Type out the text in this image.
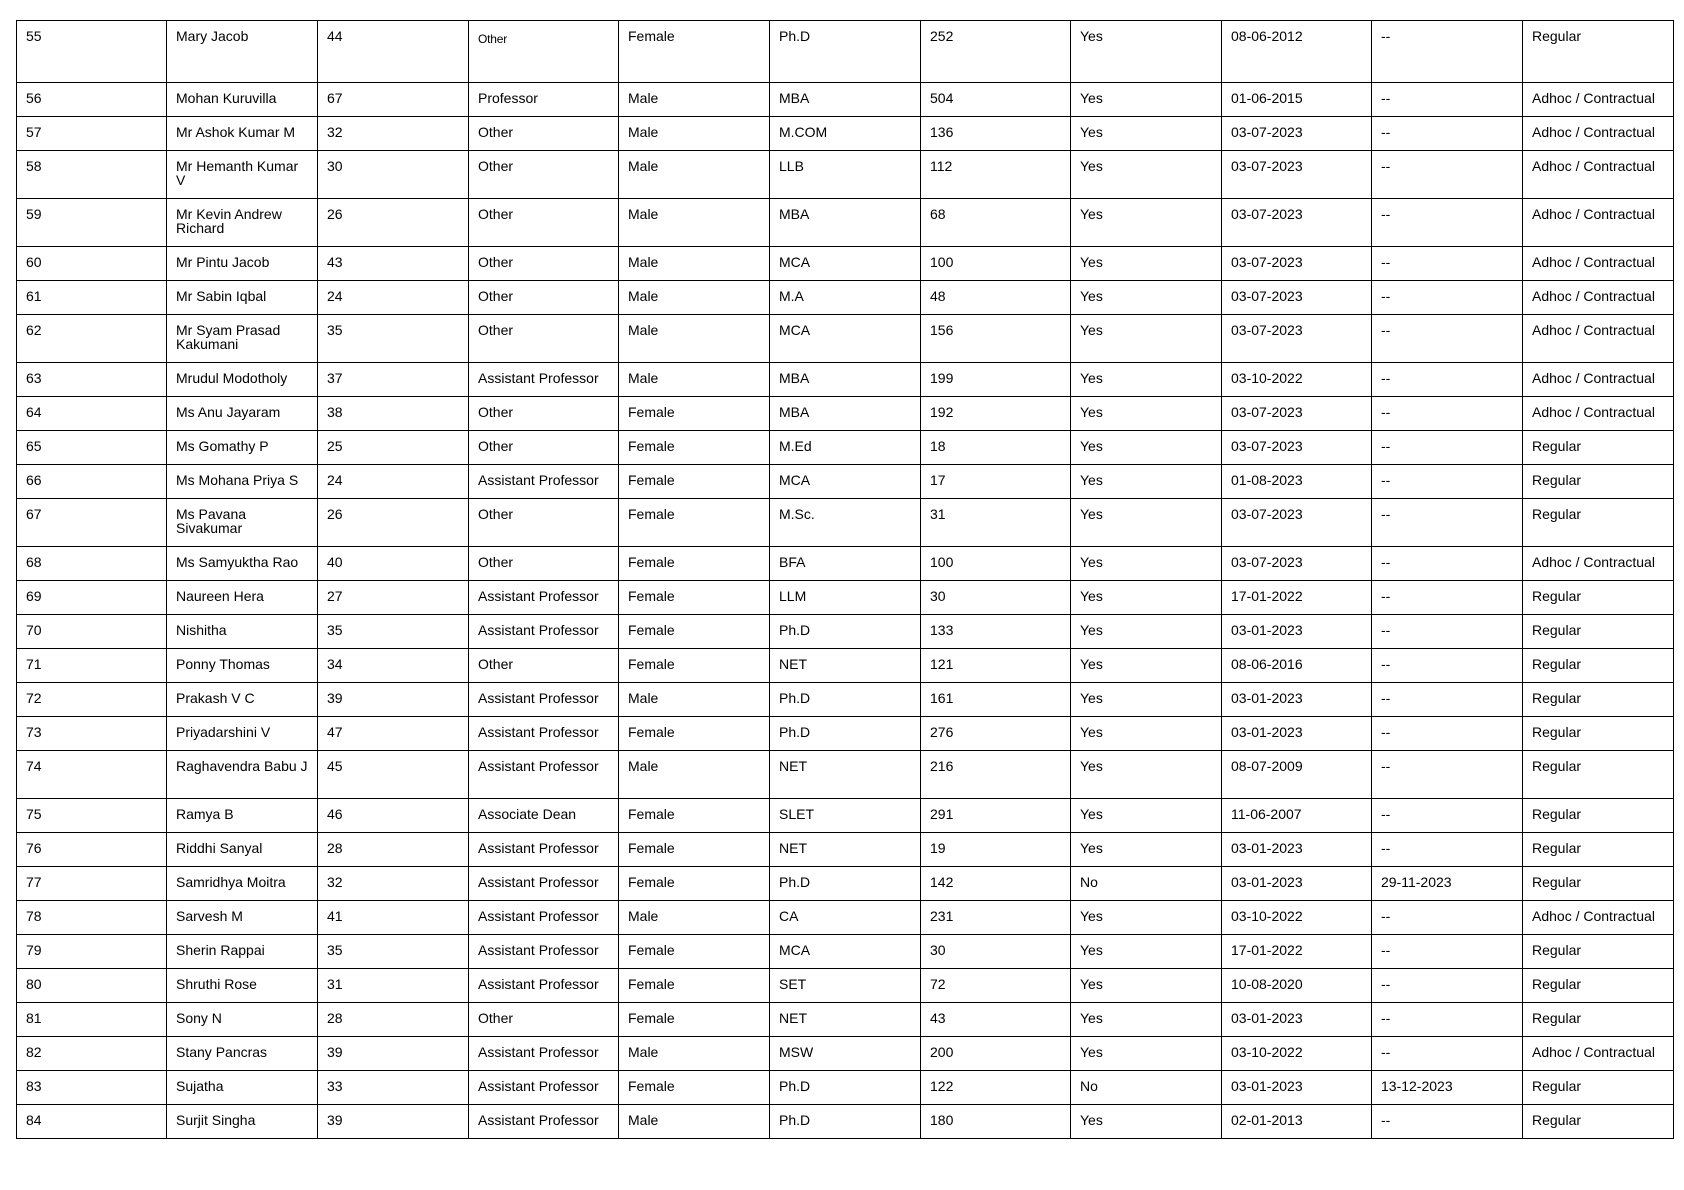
55	Mary Jacob	44	Other	Female	Ph.D	252	Yes	08-06-2012	--	Regular
56	Mohan Kuruvilla	67	Professor	Male	MBA	504	Yes	01-06-2015	--	Adhoc / Contractual
57	Mr Ashok Kumar M	32	Other	Male	M.COM	136	Yes	03-07-2023	--	Adhoc / Contractual
58	Mr Hemanth Kumar V	30	Other	Male	LLB	112	Yes	03-07-2023	--	Adhoc / Contractual
59	Mr Kevin Andrew Richard	26	Other	Male	MBA	68	Yes	03-07-2023	--	Adhoc / Contractual
60	Mr Pintu Jacob	43	Other	Male	MCA	100	Yes	03-07-2023	--	Adhoc / Contractual
61	Mr Sabin Iqbal	24	Other	Male	M.A	48	Yes	03-07-2023	--	Adhoc / Contractual
62	Mr Syam Prasad Kakumani	35	Other	Male	MCA	156	Yes	03-07-2023	--	Adhoc / Contractual
63	Mrudul Modotholy	37	Assistant Professor	Male	MBA	199	Yes	03-10-2022	--	Adhoc / Contractual
64	Ms Anu Jayaram	38	Other	Female	MBA	192	Yes	03-07-2023	--	Adhoc / Contractual
65	Ms Gomathy P	25	Other	Female	M.Ed	18	Yes	03-07-2023	--	Regular
66	Ms Mohana Priya S	24	Assistant Professor	Female	MCA	17	Yes	01-08-2023	--	Regular
67	Ms Pavana Sivakumar	26	Other	Female	M.Sc.	31	Yes	03-07-2023	--	Regular
68	Ms Samyuktha Rao	40	Other	Female	BFA	100	Yes	03-07-2023	--	Adhoc / Contractual
69	Naureen Hera	27	Assistant Professor	Female	LLM	30	Yes	17-01-2022	--	Regular
70	Nishitha	35	Assistant Professor	Female	Ph.D	133	Yes	03-01-2023	--	Regular
71	Ponny Thomas	34	Other	Female	NET	121	Yes	08-06-2016	--	Regular
72	Prakash V C	39	Assistant Professor	Male	Ph.D	161	Yes	03-01-2023	--	Regular
73	Priyadarshini V	47	Assistant Professor	Female	Ph.D	276	Yes	03-01-2023	--	Regular
74	Raghavendra Babu J	45	Assistant Professor	Male	NET	216	Yes	08-07-2009	--	Regular
75	Ramya B	46	Associate Dean	Female	SLET	291	Yes	11-06-2007	--	Regular
76	Riddhi Sanyal	28	Assistant Professor	Female	NET	19	Yes	03-01-2023	--	Regular
77	Samridhya Moitra	32	Assistant Professor	Female	Ph.D	142	No	03-01-2023	29-11-2023	Regular
78	Sarvesh M	41	Assistant Professor	Male	CA	231	Yes	03-10-2022	--	Adhoc / Contractual
79	Sherin Rappai	35	Assistant Professor	Female	MCA	30	Yes	17-01-2022	--	Regular
80	Shruthi Rose	31	Assistant Professor	Female	SET	72	Yes	10-08-2020	--	Regular
81	Sony N	28	Other	Female	NET	43	Yes	03-01-2023	--	Regular
82	Stany Pancras	39	Assistant Professor	Male	MSW	200	Yes	03-10-2022	--	Adhoc / Contractual
83	Sujatha	33	Assistant Professor	Female	Ph.D	122	No	03-01-2023	13-12-2023	Regular
84	Surjit Singha	39	Assistant Professor	Male	Ph.D	180	Yes	02-01-2013	--	Regular
